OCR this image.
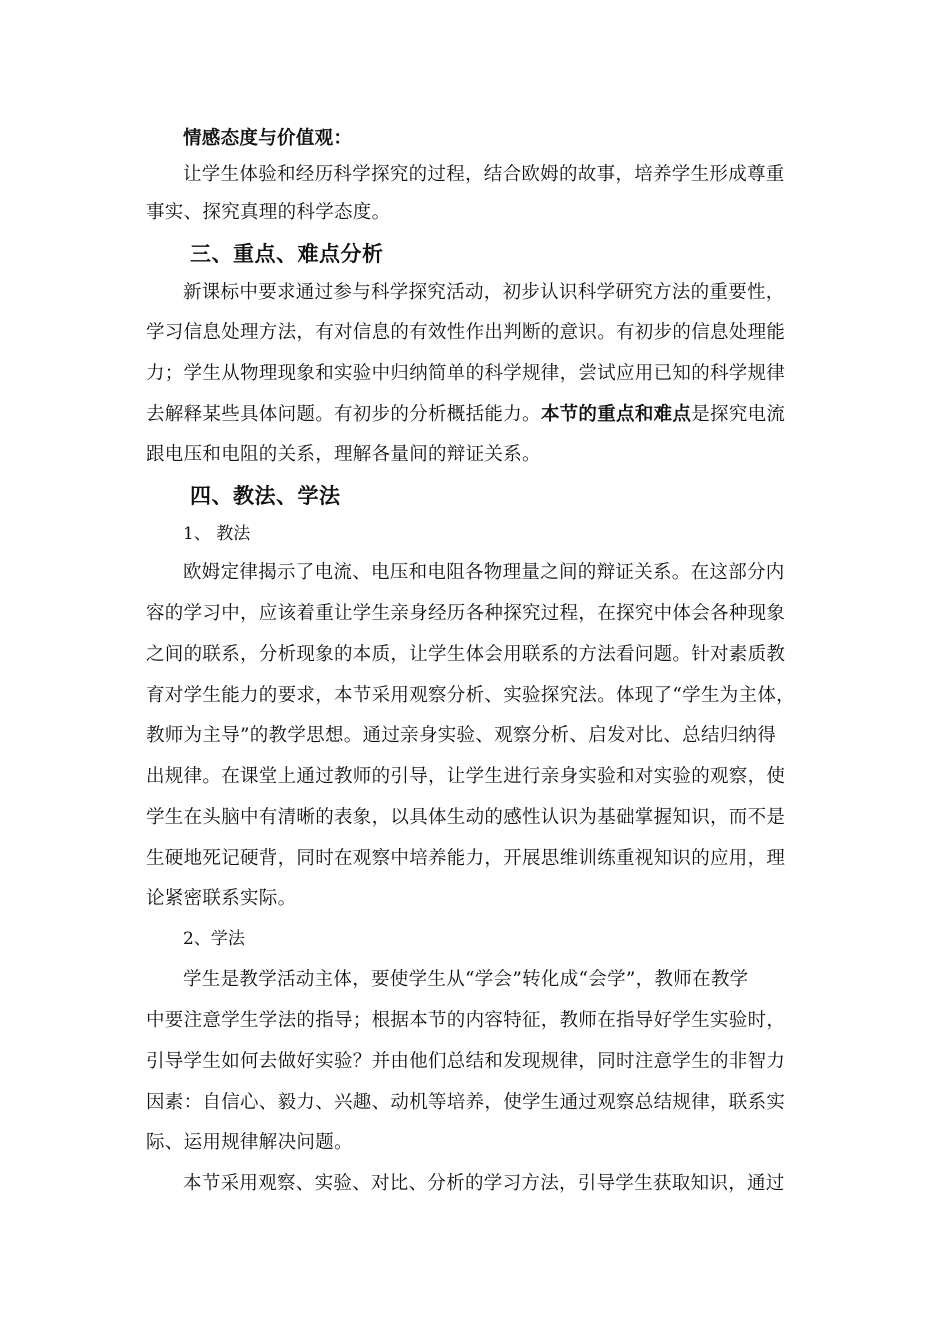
情感态度与价值观：
让学生体验和经历科学探究的过程，结合欧姆的故事，培养学生形成尊重
事实、探究真理的科学态度。
三、重点、难点分析
新课标中要求通过参与科学探究活动，初步认识科学研究方法的重要性，
学习信息处理方法，有对信息的有效性作出判断的意识。有初步的信息处理能
力；学生从物理现象和实验中归纳简单的科学规律，尝试应用已知的科学规律
去解释某些具体问题。有初步的分析概括能力。本节的重点和难点是探究电流
跟电压和电阻的关系，理解各量间的辩证关系。
四、教法、学法
1、 教法
欧姆定律揭示了电流、电压和电阻各物理量之间的辩证关系。在这部分内
容的学习中，应该着重让学生亲身经历各种探究过程，在探究中体会各种现象
之间的联系，分析现象的本质，让学生体会用联系的方法看问题。针对素质教
育对学生能力的要求，本节采用观察分析、实验探究法。体现了“学生为主体，
教师为主导”的教学思想。通过亲身实验、观察分析、启发对比、总结归纳得
出规律。在课堂上通过教师的引导，让学生进行亲身实验和对实验的观察，使
学生在头脑中有清晰的表象，以具体生动的感性认识为基础掌握知识，而不是
生硬地死记硬背，同时在观察中培养能力，开展思维训练重视知识的应用，理
论紧密联系实际。
2、学法
学生是教学活动主体，要使学生从“学会”转化成“会学”，教师在教学
中要注意学生学法的指导；根据本节的内容特征，教师在指导好学生实验时，
引导学生如何去做好实验？并由他们总结和发现规律，同时注意学生的非智力
因素：自信心、毅力、兴趣、动机等培养，使学生通过观察总结规律，联系实
际、运用规律解决问题。
本节采用观察、实验、对比、分析的学习方法，引导学生获取知识，通过
